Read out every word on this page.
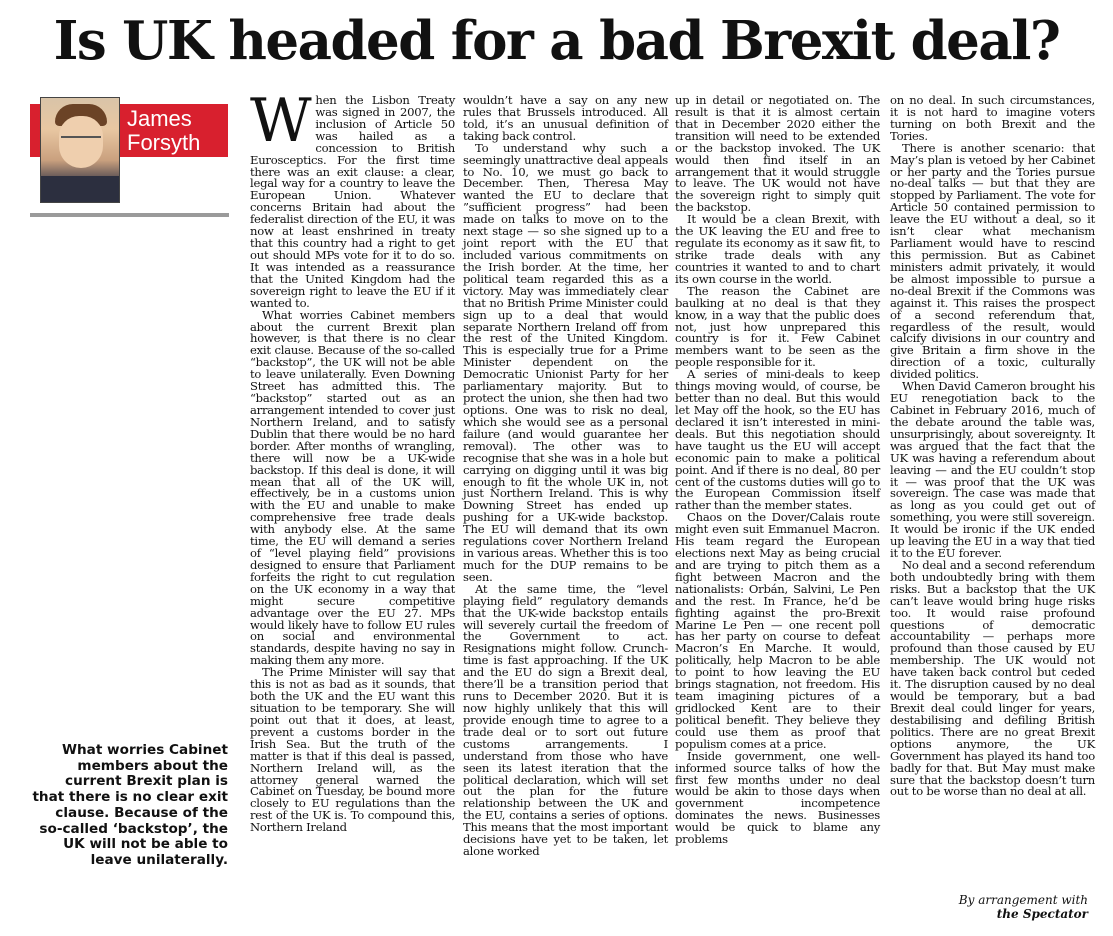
Is UK headed for a bad Brexit deal?
James
Forsyth
What worries Cabinet members about the current Brexit plan is that there is no clear exit clause. Because of the so-called ‘backstop’, the UK will not be able to leave unilaterally.

When the Lisbon Treaty was signed in 2007, the inclusion of Article 50 was hailed as a concession to British Eurosceptics. For the first time there was an exit clause: a clear, legal way for a country to leave the European Union. Whatever concerns Britain had about the federalist direction of the EU, it was now at least enshrined in treaty that this country had a right to get out should MPs vote for it to do so. It was intended as a reassurance that the United Kingdom had the sovereign right to leave the EU if it wanted to.

What worries Cabinet members about the current Brexit plan however, is that there is no clear exit clause. Because of the so-called “backstop”, the UK will not be able to leave unilaterally. Even Downing Street has admitted this. The “backstop” started out as an arrangement intended to cover just Northern Ireland, and to satisfy Dublin that there would be no hard border. After months of wrangling, there will now be a UK-wide backstop. If this deal is done, it will mean that all of the UK will, effectively, be in a customs union with the EU and unable to make comprehensive free trade deals with anybody else. At the same time, the EU will demand a series of “level playing field” provisions designed to ensure that Parliament forfeits the right to cut regulation on the UK economy in a way that might secure competitive advantage over the EU 27. MPs would likely have to follow EU rules on social and environmental standards, despite having no say in making them any more.

The Prime Minister will say that this is not as bad as it sounds, that both the UK and the EU want this situation to be temporary. She will point out that it does, at least, prevent a customs border in the Irish Sea. But the truth of the matter is that if this deal is passed, Northern Ireland will, as the attorney general warned the Cabinet on Tuesday, be bound more closely to EU regulations than the rest of the UK is. To compound this, Northern Ireland

wouldn’t have a say on any new rules that Brussels introduced. All told, it’s an unusual definition of taking back control.

To understand why such a seemingly unattractive deal appeals to No. 10, we must go back to December. Then, Theresa May wanted the EU to declare that ”sufficient progress” had been made on talks to move on to the next stage — so she signed up to a joint report with the EU that included various commitments on the Irish border. At the time, her political team regarded this as a victory. May was immediately clear that no British Prime Minister could sign up to a deal that would separate Northern Ireland off from the rest of the United Kingdom. This is especially true for a Prime Minister dependent on the Democratic Unionist Party for her parliamentary majority. But to protect the union, she then had two options. One was to risk no deal, which she would see as a personal failure (and would guarantee her removal). The other was to recognise that she was in a hole but carrying on digging until it was big enough to fit the whole UK in, not just Northern Ireland. This is why Downing Street has ended up pushing for a UK-wide backstop. The EU will demand that its own regulations cover Northern Ireland in various areas. Whether this is too much for the DUP remains to be seen.

At the same time, the “level playing field” regulatory demands that the UK-wide backstop entails will severely curtail the freedom of the Government to act. Resignations might follow. Crunch-time is fast approaching. If the UK and the EU do sign a Brexit deal, there’ll be a transition period that runs to December 2020. But it is now highly unlikely that this will provide enough time to agree to a trade deal or to sort out future customs arrangements. I understand from those who have seen its latest iteration that the political declaration, which will set out the plan for the future relationship between the UK and the EU, contains a series of options. This means that the most important decisions have yet to be taken, let alone worked

up in detail or negotiated on. The result is that it is almost certain that in December 2020 either the transition will need to be extended or the backstop invoked. The UK would then find itself in an arrangement that it would struggle to leave. The UK would not have the sovereign right to simply quit the backstop.

It would be a clean Brexit, with the UK leaving the EU and free to regulate its economy as it saw fit, to strike trade deals with any countries it wanted to and to chart its own course in the world.

The reason the Cabinet are baulking at no deal is that they know, in a way that the public does not, just how unprepared this country is for it. Few Cabinet members want to be seen as the people responsible for it.

A series of mini-deals to keep things moving would, of course, be better than no deal. But this would let May off the hook, so the EU has declared it isn’t interested in mini-deals. But this negotiation should have taught us the EU will accept economic pain to make a political point. And if there is no deal, 80 per cent of the customs duties will go to the European Commission itself rather than the member states.

Chaos on the Dover/Calais route might even suit Emmanuel Macron. His team regard the European elections next May as being crucial and are trying to pitch them as a fight between Macron and the nationalists: Orbán, Salvini, Le Pen and the rest. In France, he’d be fighting against the pro-Brexit Marine Le Pen — one recent poll has her party on course to defeat Macron’s En Marche. It would, politically, help Macron to be able to point to how leaving the EU brings stagnation, not freedom. His team imagining pictures of a gridlocked Kent are to their political benefit. They believe they could use them as proof that populism comes at a price.

Inside government, one well-informed source talks of how the first few months under no deal would be akin to those days when government incompetence dominates the news. Businesses would be quick to blame any problems

on no deal. In such circumstances, it is not hard to imagine voters turning on both Brexit and the Tories.

There is another scenario: that May’s plan is vetoed by her Cabinet or her party and the Tories pursue no-deal talks — but that they are stopped by Parliament. The vote for Article 50 contained permission to leave the EU without a deal, so it isn’t clear what mechanism Parliament would have to rescind this permission. But as Cabinet ministers admit privately, it would be almost impossible to pursue a no-deal Brexit if the Commons was against it. This raises the prospect of a second referendum that, regardless of the result, would calcify divisions in our country and give Britain a firm shove in the direction of a toxic, culturally divided politics.

When David Cameron brought his EU renegotiation back to the Cabinet in February 2016, much of the debate around the table was, unsurprisingly, about sovereignty. It was argued that the fact that the UK was having a referendum about leaving — and the EU couldn’t stop it — was proof that the UK was sovereign. The case was made that as long as you could get out of something, you were still sovereign. It would be ironic if the UK ended up leaving the EU in a way that tied it to the EU forever.

No deal and a second referendum both undoubtedly bring with them risks. But a backstop that the UK can’t leave would bring huge risks too. It would raise profound questions of democratic accountability — perhaps more profound than those caused by EU membership. The UK would not have taken back control but ceded it. The disruption caused by no deal would be temporary, but a bad Brexit deal could linger for years, destabilising and defiling British politics. There are no great Brexit options anymore, the UK Government has played its hand too badly for that. But May must make sure that the backstop doesn’t turn out to be worse than no deal at all.

By arrangement with
the Spectator
